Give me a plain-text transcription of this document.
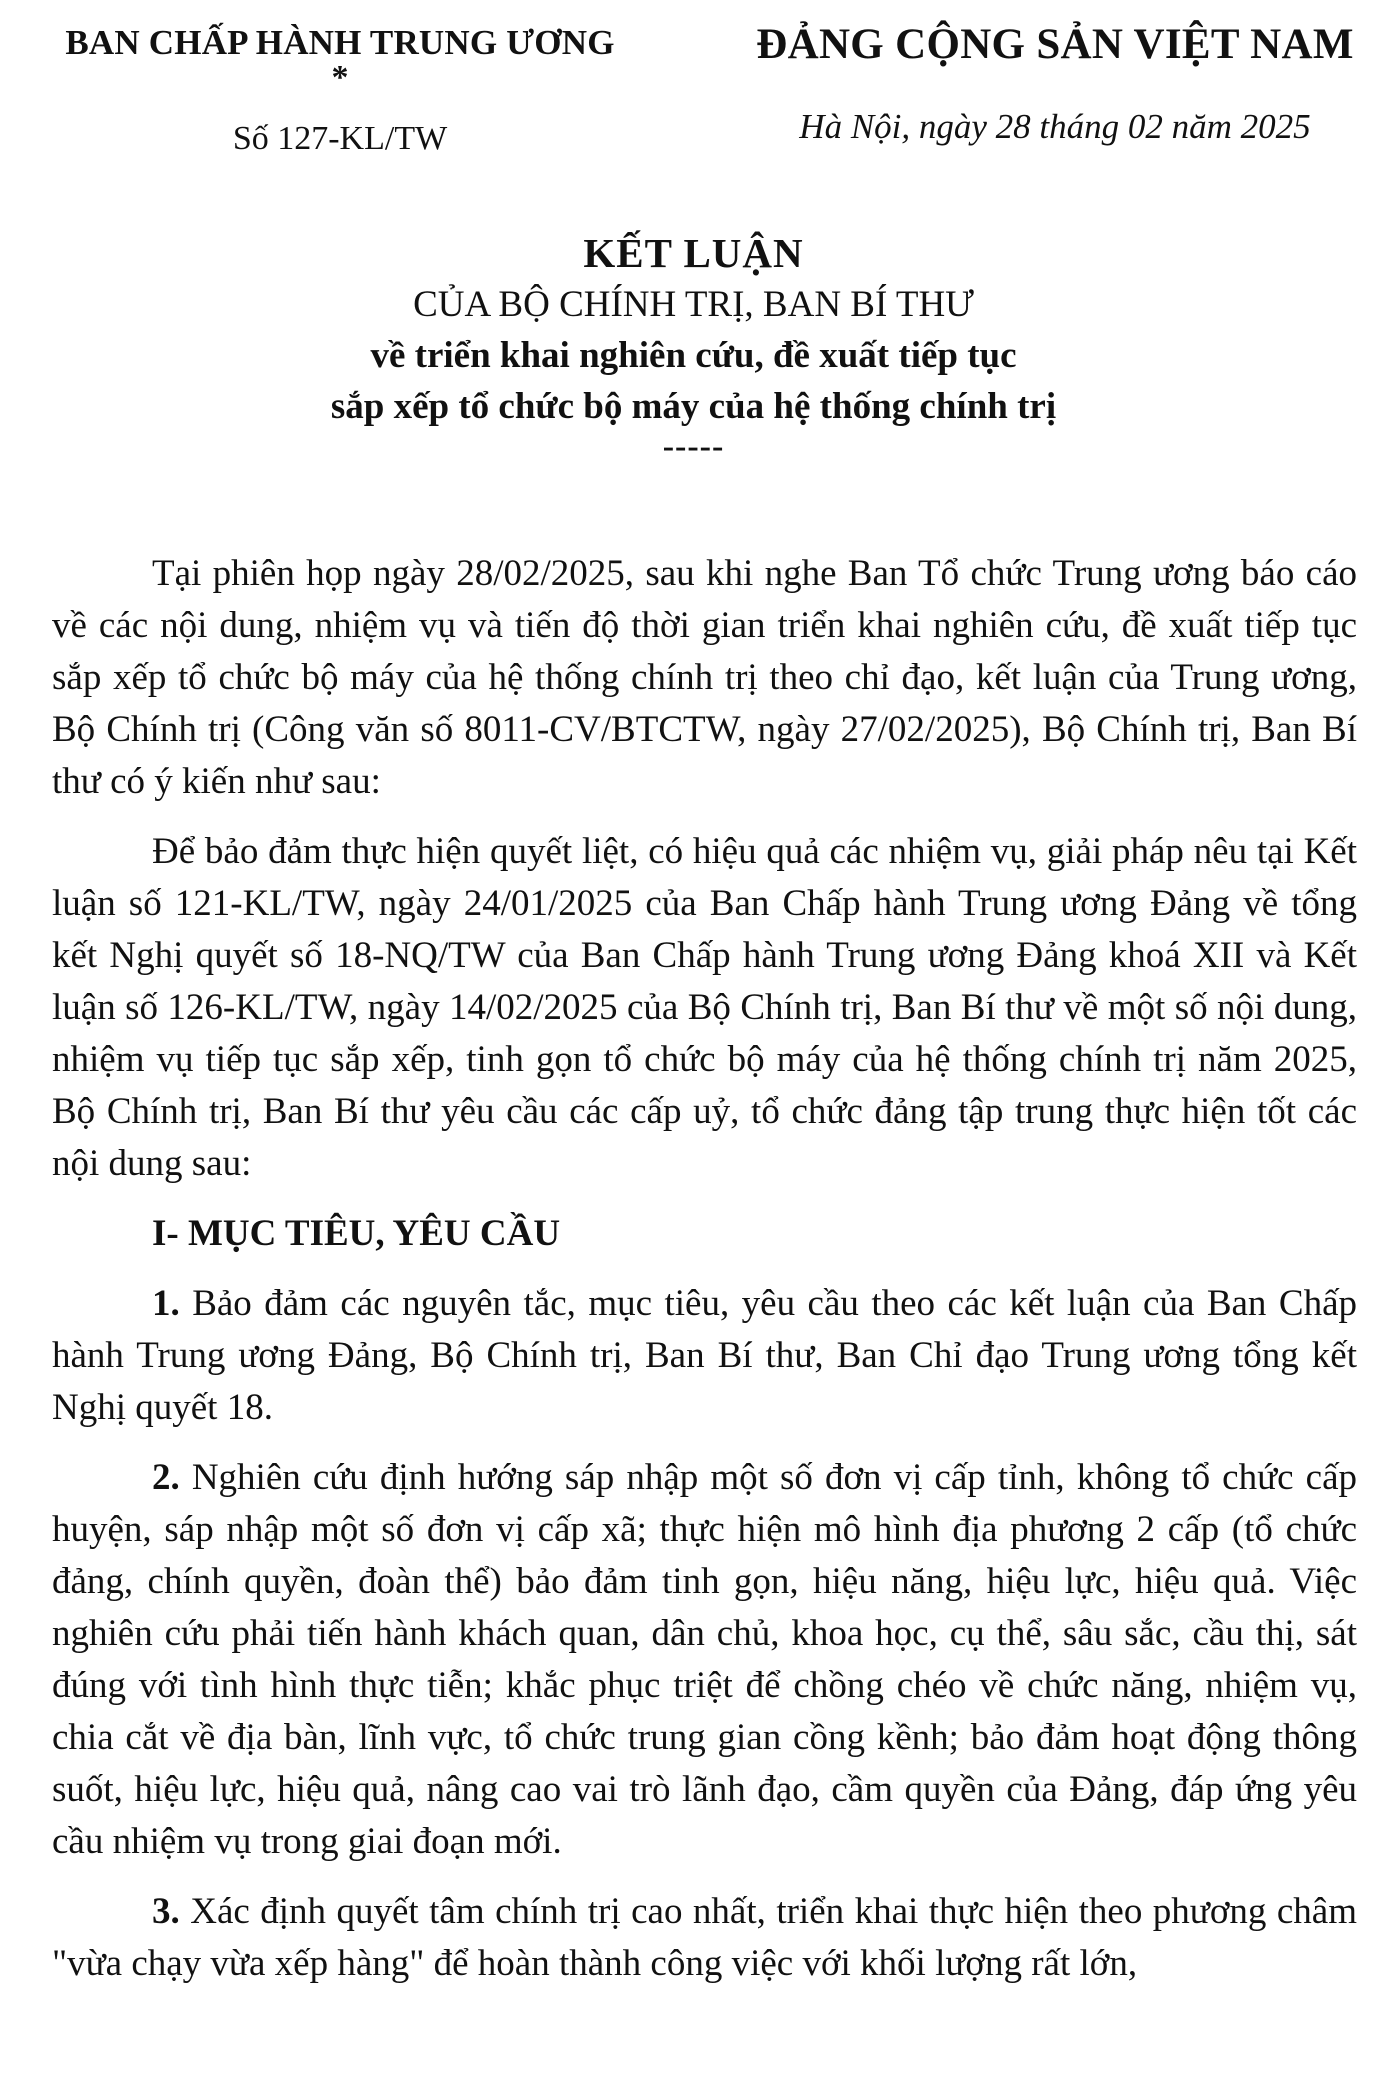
BAN CHẤP HÀNH TRUNG ƯƠNG
*
Số 127-KL/TW
ĐẢNG CỘNG SẢN VIỆT NAM
Hà Nội, ngày 28 tháng 02 năm 2025
KẾT LUẬN
CỦA BỘ CHÍNH TRỊ, BAN BÍ THƯ
về triển khai nghiên cứu, đề xuất tiếp tục
sắp xếp tổ chức bộ máy của hệ thống chính trị
-----

Tại phiên họp ngày 28/02/2025, sau khi nghe Ban Tổ chức Trung ương báo cáo về các nội dung, nhiệm vụ và tiến độ thời gian triển khai nghiên cứu, đề xuất tiếp tục sắp xếp tổ chức bộ máy của hệ thống chính trị theo chỉ đạo, kết luận của Trung ương, Bộ Chính trị (Công văn số 8011-CV/BTCTW, ngày 27/02/2025), Bộ Chính trị, Ban Bí thư có ý kiến như sau:

Để bảo đảm thực hiện quyết liệt, có hiệu quả các nhiệm vụ, giải pháp nêu tại Kết luận số 121-KL/TW, ngày 24/01/2025 của Ban Chấp hành Trung ương Đảng về tổng kết Nghị quyết số 18-NQ/TW của Ban Chấp hành Trung ương Đảng khoá XII và Kết luận số 126-KL/TW, ngày 14/02/2025 của Bộ Chính trị, Ban Bí thư về một số nội dung, nhiệm vụ tiếp tục sắp xếp, tinh gọn tổ chức bộ máy của hệ thống chính trị năm 2025, Bộ Chính trị, Ban Bí thư yêu cầu các cấp uỷ, tổ chức đảng tập trung thực hiện tốt các nội dung sau:

I- MỤC TIÊU, YÊU CẦU

1. Bảo đảm các nguyên tắc, mục tiêu, yêu cầu theo các kết luận của Ban Chấp hành Trung ương Đảng, Bộ Chính trị, Ban Bí thư, Ban Chỉ đạo Trung ương tổng kết Nghị quyết 18.

2. Nghiên cứu định hướng sáp nhập một số đơn vị cấp tỉnh, không tổ chức cấp huyện, sáp nhập một số đơn vị cấp xã; thực hiện mô hình địa phương 2 cấp (tổ chức đảng, chính quyền, đoàn thể) bảo đảm tinh gọn, hiệu năng, hiệu lực, hiệu quả. Việc nghiên cứu phải tiến hành khách quan, dân chủ, khoa học, cụ thể, sâu sắc, cầu thị, sát đúng với tình hình thực tiễn; khắc phục triệt để chồng chéo về chức năng, nhiệm vụ, chia cắt về địa bàn, lĩnh vực, tổ chức trung gian cồng kềnh; bảo đảm hoạt động thông suốt, hiệu lực, hiệu quả, nâng cao vai trò lãnh đạo, cầm quyền của Đảng, đáp ứng yêu cầu nhiệm vụ trong giai đoạn mới.

3. Xác định quyết tâm chính trị cao nhất, triển khai thực hiện theo phương châm "vừa chạy vừa xếp hàng" để hoàn thành công việc với khối lượng rất lớn,
